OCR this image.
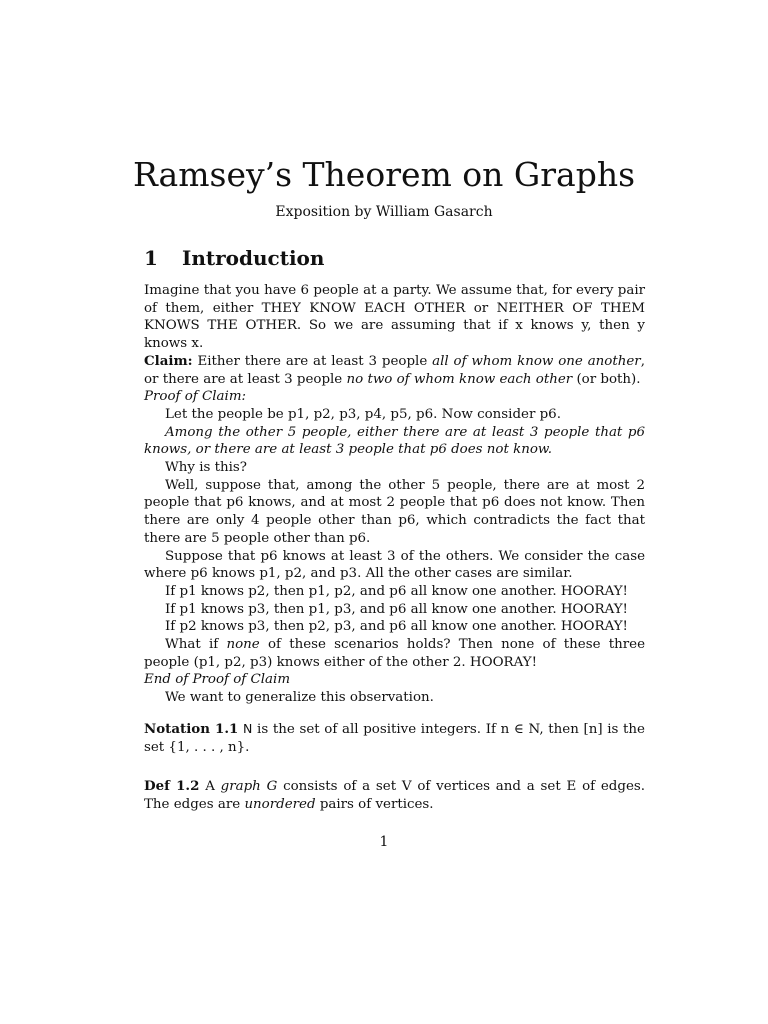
Ramsey’s Theorem on Graphs
Exposition by William Gasarch
1 Introduction

Imagine that you have 6 people at a party. We assume that, for every pair of them, either THEY KNOW EACH OTHER or NEITHER OF THEM KNOWS THE OTHER. So we are assuming that if x knows y, then y knows x.

Claim: Either there are at least 3 people all of whom know one another, or there are at least 3 people no two of whom know each other (or both).

Proof of Claim:

Let the people be p1, p2, p3, p4, p5, p6. Now consider p6.

Among the other 5 people, either there are at least 3 people that p6 knows, or there are at least 3 people that p6 does not know.

Why is this?

Well, suppose that, among the other 5 people, there are at most 2 people that p6 knows, and at most 2 people that p6 does not know. Then there are only 4 people other than p6, which contradicts the fact that there are 5 people other than p6.

Suppose that p6 knows at least 3 of the others. We consider the case where p6 knows p1, p2, and p3. All the other cases are similar.

If p1 knows p2, then p1, p2, and p6 all know one another. HOORAY!

If p1 knows p3, then p1, p3, and p6 all know one another. HOORAY!

If p2 knows p3, then p2, p3, and p6 all know one another. HOORAY!

What if none of these scenarios holds? Then none of these three people (p1, p2, p3) knows either of the other 2. HOORAY!

End of Proof of Claim

We want to generalize this observation.

Notation 1.1 N is the set of all positive integers. If n ∈ N, then [n] is the set {1, . . . , n}.

Def 1.2 A graph G consists of a set V of vertices and a set E of edges. The edges are unordered pairs of vertices.

1
